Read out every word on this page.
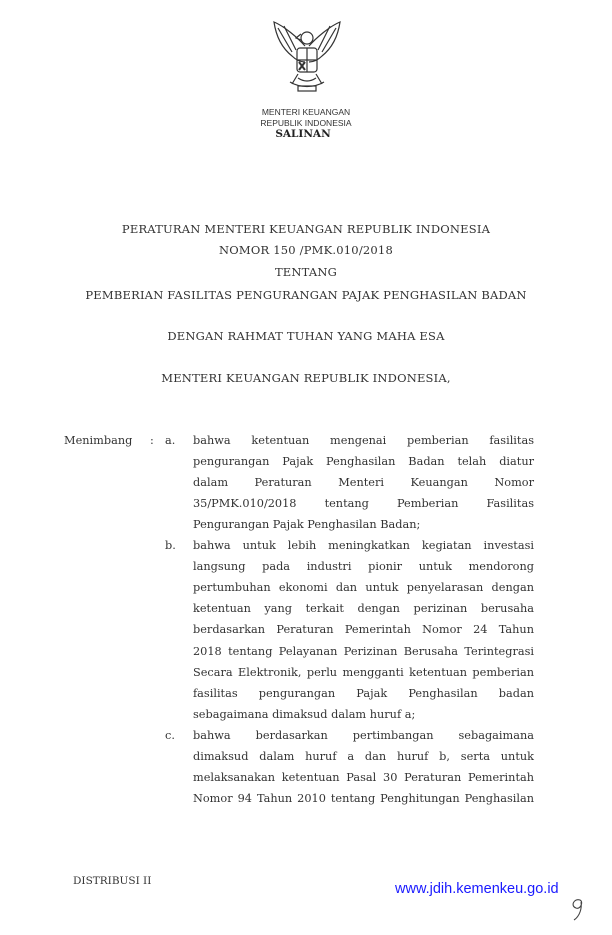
MENTERI KEUANGAN
REPUBLIK INDONESIA
SALINAN
PERATURAN MENTERI KEUANGAN REPUBLIK INDONESIA
NOMOR 150 /PMK.010/2018
TENTANG
PEMBERIAN FASILITAS PENGURANGAN PAJAK PENGHASILAN BADAN
DENGAN RAHMAT TUHAN YANG MAHA ESA
MENTERI KEUANGAN REPUBLIK INDONESIA,
Menimbang : a. bahwa ketentuan mengenai pemberian fasilitas
pengurangan Pajak Penghasilan Badan telah diatur
dalam Peraturan Menteri Keuangan Nomor
35/PMK.010/2018 tentang Pemberian Fasilitas
Pengurangan Pajak Penghasilan Badan;
b. bahwa untuk lebih meningkatkan kegiatan investasi
langsung pada industri pionir untuk mendorong
pertumbuhan ekonomi dan untuk penyelarasan dengan
ketentuan yang terkait dengan perizinan berusaha
berdasarkan Peraturan Pemerintah Nomor 24 Tahun
2018 tentang Pelayanan Perizinan Berusaha Terintegrasi
Secara Elektronik, perlu mengganti ketentuan pemberian
fasilitas pengurangan Pajak Penghasilan badan
sebagaimana dimaksud dalam huruf a;
c. bahwa berdasarkan pertimbangan sebagaimana
dimaksud dalam huruf a dan huruf b, serta untuk
melaksanakan ketentuan Pasal 30 Peraturan Pemerintah
Nomor 94 Tahun 2010 tentang Penghitungan Penghasilan
DISTRIBUSI II	www.jdih.kemenkeu.go.id
